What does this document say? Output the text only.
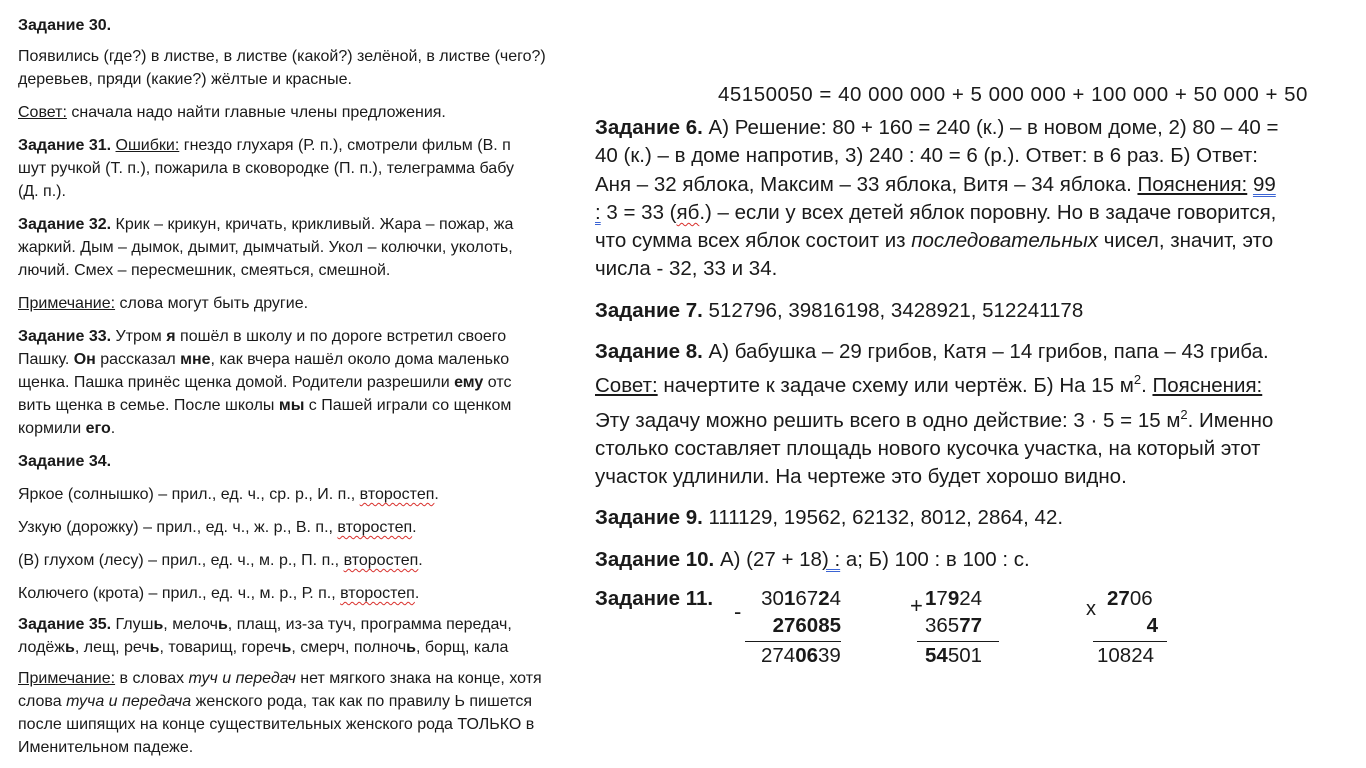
Задание 30.
Появились (где?) в листве, в листве (какой?) зелёной, в листве (чего?)
деревьев, пряди (какие?) жёлтые и красные.
Совет: сначала надо найти главные члены предложения.
Задание 31. Ошибки: гнездо глухаря (Р. п.), смотрели фильм (В. п
шут ручкой (Т. п.), пожарила в сковородке (П. п.), телеграмма бабу
(Д. п.).
Задание 32. Крик – крикун, кричать, крикливый. Жара – пожар, жа
жаркий. Дым – дымок, дымит, дымчатый. Укол – колючки, уколоть,
лючий. Смех – пересмешник, смеяться, смешной.
Примечание: слова могут быть другие.
Задание 33. Утром я пошёл в школу и по дороге встретил своего
Пашку. Он рассказал мне, как вчера нашёл около дома маленько
щенка. Пашка принёс щенка домой. Родители разрешили ему отс
вить щенка в семье. После школы мы с Пашей играли со щенком
кормили его.
Задание 34.
Яркое (солнышко) – прил., ед. ч., ср. р., И. п., второстеп.
Узкую (дорожку) – прил., ед. ч., ж. р., В. п., второстеп.
(В) глухом (лесу) – прил., ед. ч., м. р., П. п., второстеп.
Колючего (крота) – прил., ед. ч., м. р., Р. п., второстеп.
Задание 35. Глушь, мелочь, плащ, из-за туч, программа передач,
лодёжь, лещ, речь, товарищ, горечь, смерч, полночь, борщ, кала
Примечание: в словах туч и передач нет мягкого знака на конце, хотя
слова туча и передача женского рода, так как по правилу Ь пишется
после шипящих на конце существительных женского рода ТОЛЬКО в
Именительном падеже.
45150050 = 40 000 000 + 5 000 000 + 100 000 + 50 000 + 50
Задание 6. А) Решение: 80 + 160 = 240 (к.) – в новом доме, 2) 80 – 40 =
40 (к.) – в доме напротив, 3) 240 : 40 = 6 (р.). Ответ: в 6 раз. Б) Ответ:
Аня – 32 яблока, Максим – 33 яблока, Витя – 34 яблока. Пояснения: 99
: 3 = 33 (яб.) – если у всех детей яблок поровну. Но в задаче говорится,
что сумма всех яблок состоит из последовательных чисел, значит, это
числа - 32, 33 и 34.
Задание 7. 512796, 39816198, 3428921, 512241178
Задание 8. А) бабушка – 29 грибов, Катя – 14 грибов, папа – 43 гриба.
Совет: начертите к задаче схему или чертёж. Б) На 15 $м^2$. Пояснения:
Эту задачу можно решить всего в одно действие: 3 · 5 = 15 $м^2$. Именно
столько составляет площадь нового кусочка участка, на который этот
участок удлинили. На чертеже это будет хорошо видно.
Задание 9. 111129, 19562, 62132, 8012, 2864, 42.
Задание 10. А) (27 + 18) : а; Б) 100 : в 100 : с.
Задание 11.
-
3016724
276085
2740639
+ 17924
36577
54501
х 2706
4
10824
